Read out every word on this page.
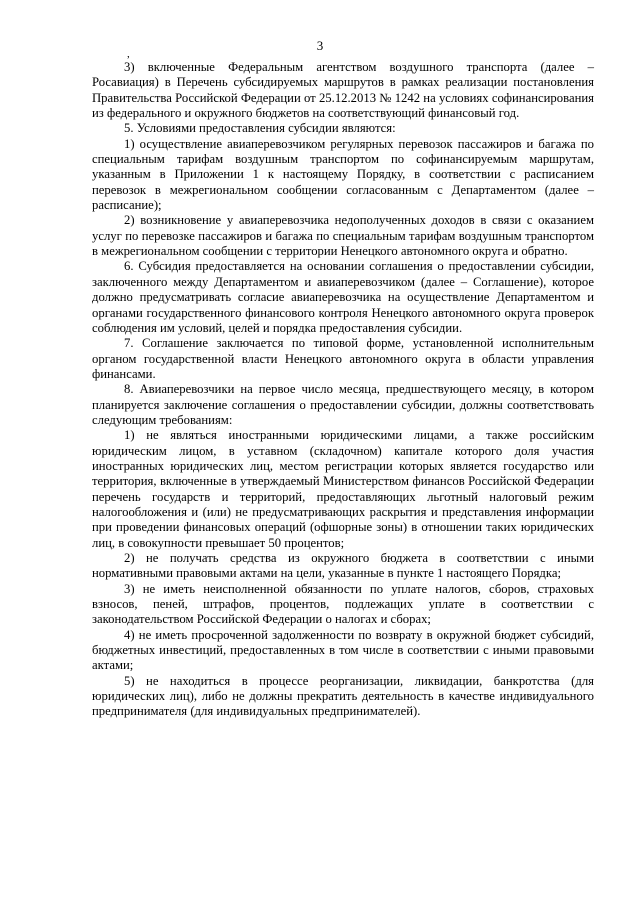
3
,

3) включенные Федеральным агентством воздушного транспорта (далее – Росавиация) в Перечень субсидируемых маршрутов в рамках реализации постановления Правительства Российской Федерации от 25.12.2013 № 1242 на условиях софинансирования из федерального и окружного бюджетов на соответствующий финансовый год.

5. Условиями предоставления субсидии являются:

1) осуществление авиаперевозчиком регулярных перевозок пассажиров и багажа по специальным тарифам воздушным транспортом по софинансируемым маршрутам, указанным в Приложении 1 к настоящему Порядку, в соответствии с расписанием перевозок в межрегиональном сообщении согласованным с Департаментом (далее – расписание);

2) возникновение у авиаперевозчика недополученных доходов в связи с оказанием услуг по перевозке пассажиров и багажа по специальным тарифам воздушным транспортом в межрегиональном сообщении с территории Ненецкого автономного округа и обратно.

6. Субсидия предоставляется на основании соглашения о предоставлении субсидии, заключенного между Департаментом и авиаперевозчиком (далее – Соглашение), которое должно предусматривать согласие авиаперевозчика на осуществление Департаментом и органами государственного финансового контроля Ненецкого автономного округа проверок соблюдения им условий, целей и порядка предоставления субсидии.

7. Соглашение заключается по типовой форме, установленной исполнительным органом государственной власти Ненецкого автономного округа в области управления финансами.

8. Авиаперевозчики на первое число месяца, предшествующего месяцу, в котором планируется заключение соглашения о предоставлении субсидии, должны соответствовать следующим требованиям:

1) не являться иностранными юридическими лицами, а также российским юридическим лицом, в уставном (складочном) капитале которого доля участия иностранных юридических лиц, местом регистрации которых является государство или территория, включенные в утверждаемый Министерством финансов Российской Федерации перечень государств и территорий, предоставляющих льготный налоговый режим налогообложения и (или) не предусматривающих раскрытия и представления информации при проведении финансовых операций (офшорные зоны) в отношении таких юридических лиц, в совокупности превышает 50 процентов;

2) не получать средства из окружного бюджета в соответствии с иными нормативными правовыми актами на цели, указанные в пункте 1 настоящего Порядка;

3) не иметь неисполненной обязанности по уплате налогов, сборов, страховых взносов, пеней, штрафов, процентов, подлежащих уплате в соответствии с законодательством Российской Федерации о налогах и сборах;

4) не иметь просроченной задолженности по возврату в окружной бюджет субсидий, бюджетных инвестиций, предоставленных в том числе в соответствии с иными правовыми актами;

5) не находиться в процессе реорганизации, ликвидации, банкротства (для юридических лиц), либо не должны прекратить деятельность в качестве индивидуального предпринимателя (для индивидуальных предпринимателей).
